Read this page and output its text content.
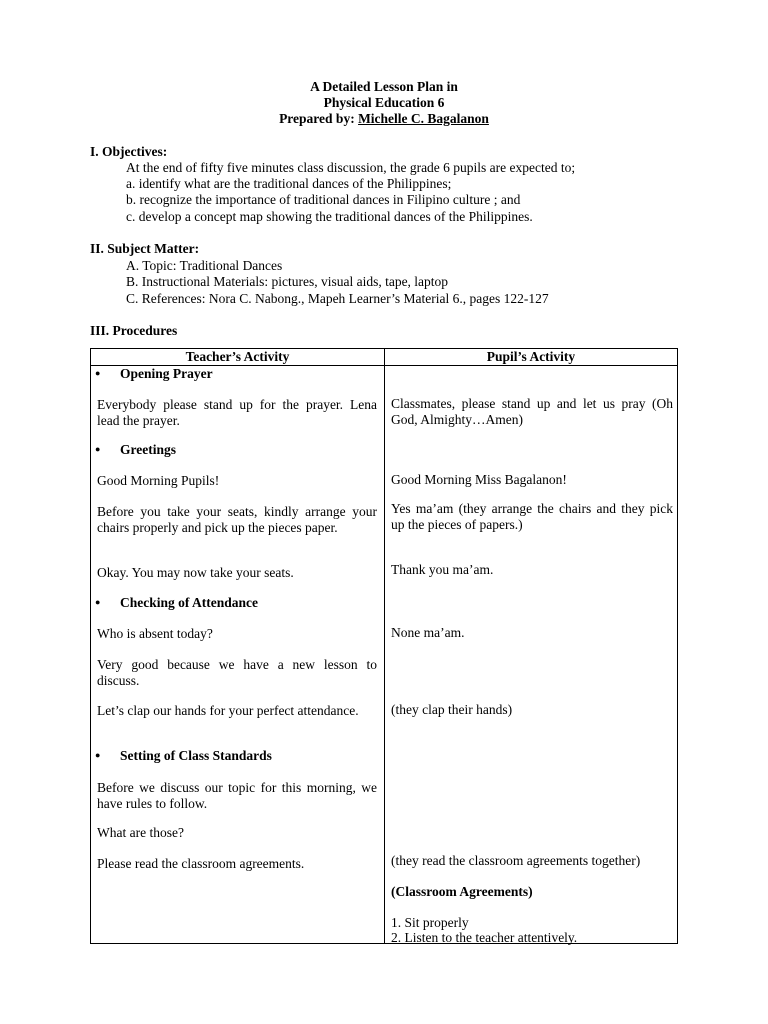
A Detailed Lesson Plan in
Physical Education 6
Prepared by: Michelle C. Bagalanon
I. Objectives:
At the end of fifty five minutes class discussion, the grade 6 pupils are expected to;
a. identify what are the traditional dances of the Philippines;
b. recognize the importance of traditional dances in Filipino culture ; and
c. develop a concept map showing the traditional dances of the Philippines.
II. Subject Matter:
A. Topic: Traditional Dances
B. Instructional Materials: pictures, visual aids, tape, laptop
C. References: Nora C. Nabong., Mapeh Learner’s Material 6., pages 122-127
III. Procedures
Teacher’s Activity	Pupil’s Activity
● Opening Prayer
Everybody please stand up for the prayer. Lena lead the prayer.
● Greetings
Good Morning Pupils!
Before you take your seats, kindly arrange your chairs properly and pick up the pieces paper.
Okay. You may now take your seats.
● Checking of Attendance
Who is absent today?
Very good because we have a new lesson to discuss.
Let’s clap our hands for your perfect attendance.
● Setting of Class Standards
Before we discuss our topic for this morning, we have rules to follow.
What are those?
Please read the classroom agreements.
Classmates, please stand up and let us pray (Oh God, Almighty…Amen)
Good Morning Miss Bagalanon!
Yes ma’am (they arrange the chairs and they pick up the pieces of papers.)
Thank you ma’am.
None ma’am.
(they clap their hands)
(they read the classroom agreements together)
(Classroom Agreements)
1. Sit properly
2. Listen to the teacher attentively.
